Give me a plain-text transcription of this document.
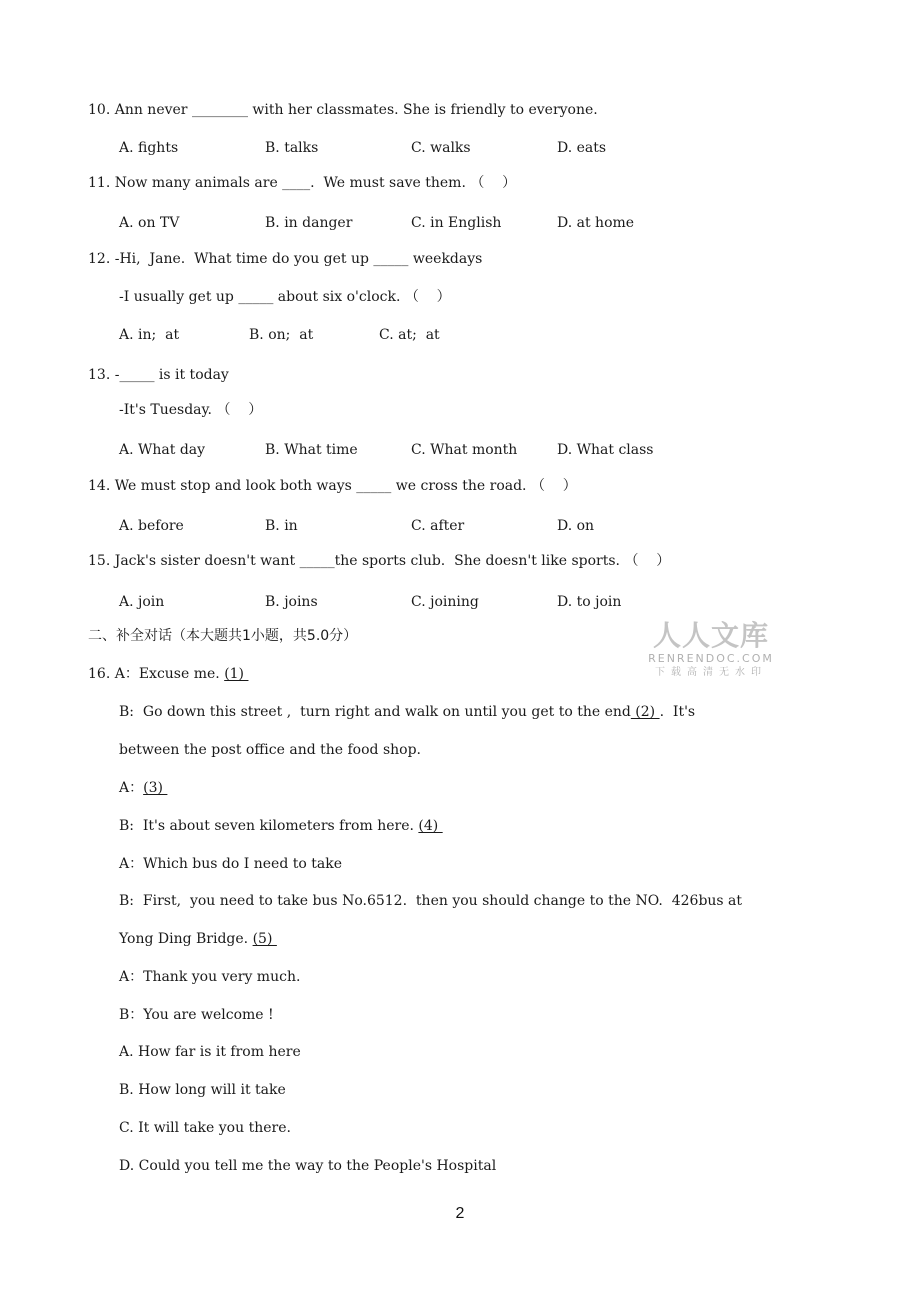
10. Ann never ________ with her classmates. She is friendly to everyone.
A. fights	B. talks	C. walks	D. eats
11. Now many animals are ____.  We must save them. （    ）
A. on TV	B. in danger	C. in English	D. at home
12. -Hi,  Jane.  What time do you get up _____ weekdays
-I usually get up _____ about six o'clock. （    ）
A. in;  at	B. on;  at	C. at;  at
13. -_____ is it today
-It's Tuesday. （    ）
A. What day	B. What time	C. What month	D. What class
14. We must stop and look both ways _____ we cross the road. （    ）
A. before	B. in	C. after	D. on
15. Jack's sister doesn't want _____the sports club.  She doesn't like sports. （    ）
A. join	B. joins	C. joining	D. to join
二、补全对话（本大题共1小题，共5.0分）	人人文库
RENRENDOC.COM
下载高清无水印
16. A：Excuse me. (1)
B:  Go down this street ,  turn right and walk on until you get to the end (2) .  It's
between the post office and the food shop.
A：(3)
B:  It's about seven kilometers from here. (4)
A：Which bus do I need to take
B:  First,  you need to take bus No.6512.  then you should change to the NO.  426bus at
Yong Ding Bridge. (5)
A：Thank you very much.
B：You are welcome !
A. How far is it from here
B. How long will it take
C. It will take you there.
D. Could you tell me the way to the People's Hospital
2
